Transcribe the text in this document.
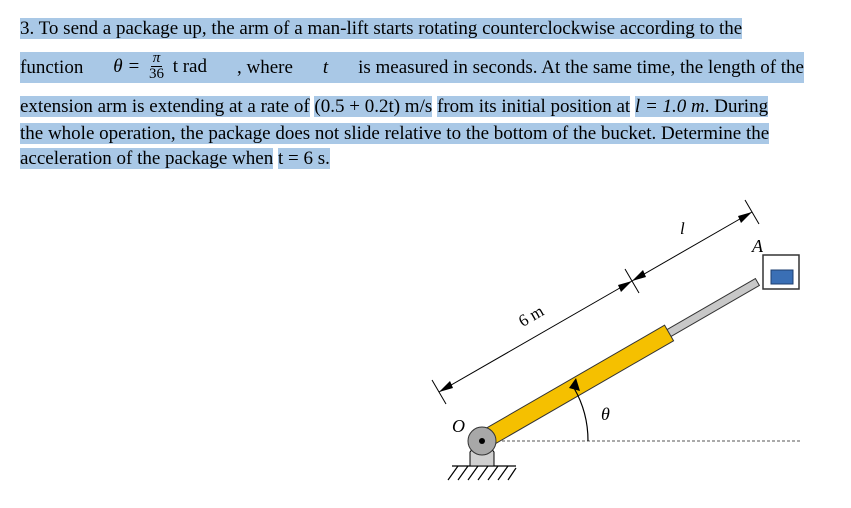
3. To send a package up, the arm of a man-lift starts rotating counterclockwise according to the
function $\theta = \frac{\pi}{36}$ t rad , where t is measured in seconds. At the same time, the length of the
extension arm is extending at a rate of (0.5 + 0.2t) m/s from its initial position at l = 1.0 m. During
the whole operation, the package does not slide relative to the bottom of the bucket. Determine the
acceleration of the package when t = 6 s.
O
A
θ
6 m
l
